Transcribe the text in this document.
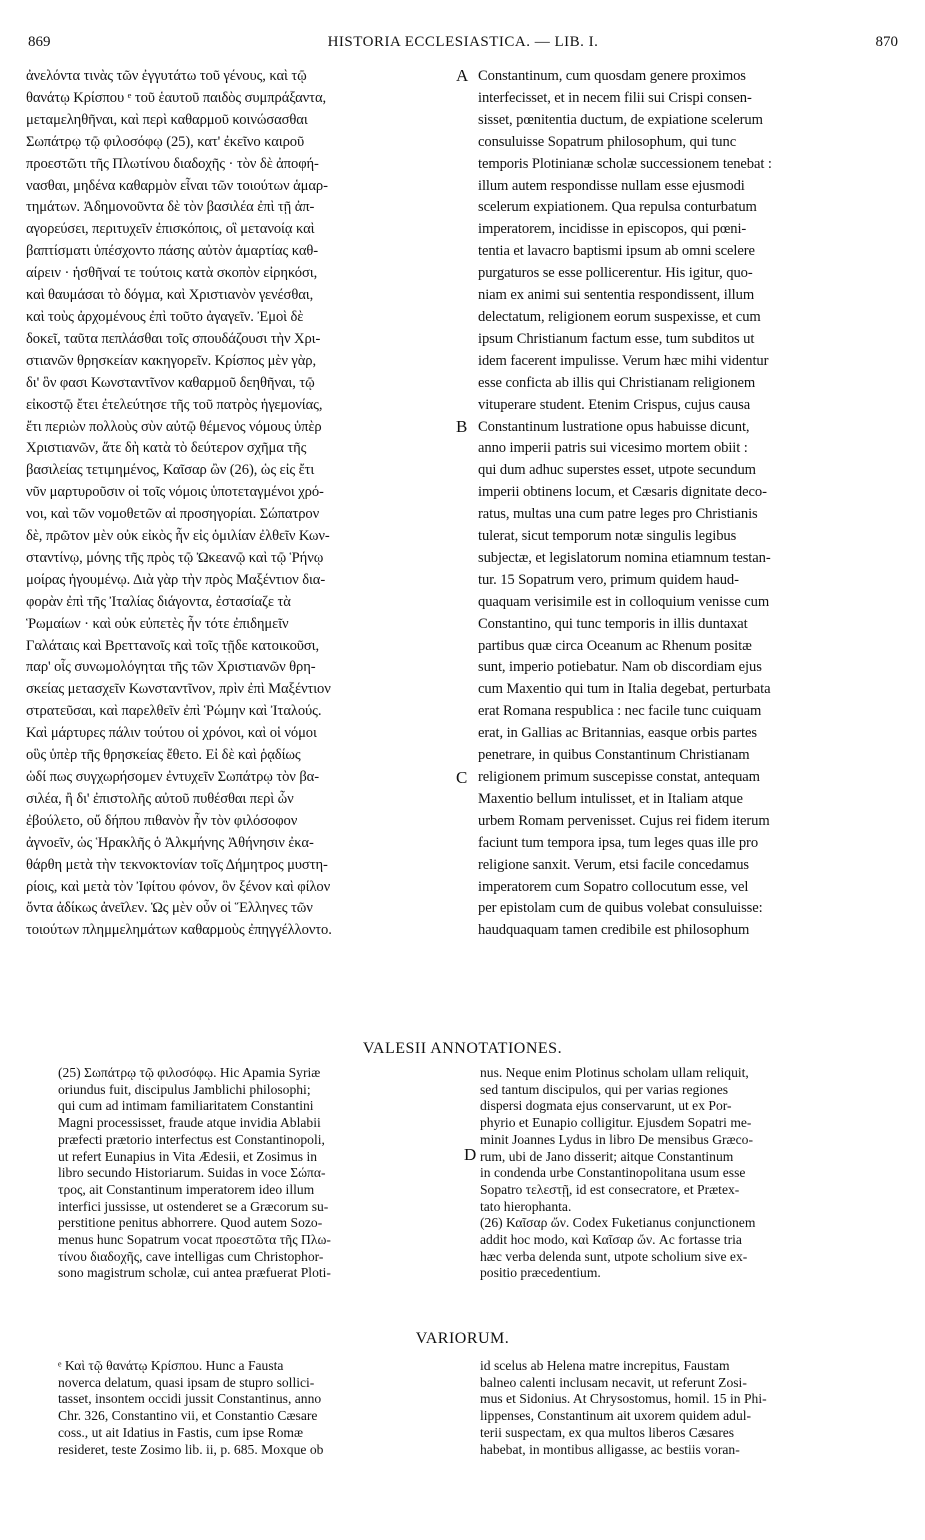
869	HISTORIA ECCLESIASTICA. — LIB. I.	870
ἀνελόντα τινὰς τῶν ἐγγυτάτω τοῦ γένους, καὶ τῷ
θανάτῳ Κρίσπου ᵉ τοῦ ἑαυτοῦ παιδὸς συμπράξαντα,
μεταμεληθῆναι, καὶ περὶ καθαρμοῦ κοινώσασθαι
Σωπάτρῳ τῷ φιλοσόφῳ (25), κατ' ἐκεῖνο καιροῦ
προεστῶτι τῆς Πλωτίνου διαδοχῆς · τὸν δὲ ἀποφή-
νασθαι, μηδένα καθαρμὸν εἶναι τῶν τοιούτων ἁμαρ-
τημάτων. Ἀδημονοῦντα δὲ τὸν βασιλέα ἐπὶ τῇ ἀπ-
αγορεύσει, περιτυχεῖν ἐπισκόποις, οἳ μετανοίᾳ καὶ
βαπτίσματι ὑπέσχοντο πάσης αὐτὸν ἁμαρτίας καθ-
αίρειν · ἡσθῆναί τε τούτοις κατὰ σκοπὸν εἰρηκόσι,
καὶ θαυμάσαι τὸ δόγμα, καὶ Χριστιανὸν γενέσθαι,
καὶ τοὺς ἀρχομένους ἐπὶ τοῦτο ἀγαγεῖν. Ἐμοὶ δὲ
δοκεῖ, ταῦτα πεπλάσθαι τοῖς σπουδάζουσι τὴν Χρι-
στιανῶν θρησκείαν κακηγορεῖν. Κρίσπος μὲν γὰρ,
δι' ὃν φασι Κωνσταντῖνον καθαρμοῦ δεηθῆναι, τῷ
εἰκοστῷ ἔτει ἐτελεύτησε τῆς τοῦ πατρὸς ἡγεμονίας,
ἔτι περιὼν πολλοὺς σὺν αὐτῷ θέμενος νόμους ὑπὲρ
Χριστιανῶν, ἅτε δὴ κατὰ τὸ δεύτερον σχῆμα τῆς
βασιλείας τετιμημένος, Καῖσαρ ὢν (26), ὡς εἰς ἔτι
νῦν μαρτυροῦσιν οἱ τοῖς νόμοις ὑποτεταγμένοι χρό-
νοι, καὶ τῶν νομοθετῶν αἱ προσηγορίαι. Σώπατρον
δὲ, πρῶτον μὲν οὐκ εἰκὸς ἦν εἰς ὁμιλίαν ἐλθεῖν Κων-
σταντίνῳ, μόνης τῆς πρὸς τῷ Ὠκεανῷ καὶ τῷ Ῥήνῳ
μοίρας ἡγουμένῳ. Διὰ γὰρ τὴν πρὸς Μαξέντιον δια-
φορὰν ἐπὶ τῆς Ἰταλίας διάγοντα, ἐστασίαζε τὰ
Ῥωμαίων · καὶ οὐκ εὐπετὲς ἦν τότε ἐπιδημεῖν
Γαλάταις καὶ Βρεττανοῖς καὶ τοῖς τῇδε κατοικοῦσι,
παρ' οἷς συνωμολόγηται τῆς τῶν Χριστιανῶν θρη-
σκείας μετασχεῖν Κωνσταντῖνον, πρὶν ἐπὶ Μαξέντιον
στρατεῦσαι, καὶ παρελθεῖν ἐπὶ Ῥώμην καὶ Ἰταλούς.
Καὶ μάρτυρες πάλιν τούτου οἱ χρόνοι, καὶ οἱ νόμοι
οὓς ὑπὲρ τῆς θρησκείας ἔθετο. Εἰ δὲ καὶ ῥᾳδίως
ὡδί πως συγχωρήσομεν ἐντυχεῖν Σωπάτρῳ τὸν βα-
σιλέα, ἢ δι' ἐπιστολῆς αὐτοῦ πυθέσθαι περὶ ὧν
ἐβούλετο, οὔ δήπου πιθανὸν ἦν τὸν φιλόσοφον
ἀγνοεῖν, ὡς Ἡρακλῆς ὁ Ἀλκμήνης Ἀθήνησιν ἐκα-
θάρθη μετὰ τὴν τεκνοκτονίαν τοῖς Δήμητρος μυστη-
ρίοις, καὶ μετὰ τὸν Ἰφίτου φόνον, ὃν ξένον καὶ φίλον
ὄντα ἀδίκως ἀνεῖλεν. Ὡς μὲν οὖν οἱ Ἕλληνες τῶν
τοιούτων πλημμελημάτων καθαρμοὺς ἐπηγγέλλοντο.
Constantinum, cum quosdam genere proximos
interfecisset, et in necem filii sui Crispi consen-
sisset, pœnitentia ductum, de expiatione scelerum
consuluisse Sopatrum philosophum, qui tunc
temporis Plotinianæ scholæ successionem tenebat :
illum autem respondisse nullam esse ejusmodi
scelerum expiationem. Qua repulsa conturbatum
imperatorem, incidisse in episcopos, qui pœni-
tentia et lavacro baptismi ipsum ab omni scelere
purgaturos se esse pollicerentur. His igitur, quo-
niam ex animi sui sententia respondissent, illum
delectatum, religionem eorum suspexisse, et cum
ipsum Christianum factum esse, tum subditos ut
idem facerent impulisse. Verum hæc mihi videntur
esse conficta ab illis qui Christianam religionem
vituperare student. Etenim Crispus, cujus causa
Constantinum lustratione opus habuisse dicunt,
anno imperii patris sui vicesimo mortem obiit :
qui dum adhuc superstes esset, utpote secundum
imperii obtinens locum, et Cæsaris dignitate deco-
ratus, multas una cum patre leges pro Christianis
tulerat, sicut temporum notæ singulis legibus
subjectæ, et legislatorum nomina etiamnum testan-
tur. 15 Sopatrum vero, primum quidem haud-
quaquam verisimile est in colloquium venisse cum
Constantino, qui tunc temporis in illis duntaxat
partibus quæ circa Oceanum ac Rhenum positæ
sunt, imperio potiebatur. Nam ob discordiam ejus
cum Maxentio qui tum in Italia degebat, perturbata
erat Romana respublica : nec facile tunc cuiquam
erat, in Gallias ac Britannias, easque orbis partes
penetrare, in quibus Constantinum Christianam
religionem primum suscepisse constat, antequam
Maxentio bellum intulisset, et in Italiam atque
urbem Romam pervenisset. Cujus rei fidem iterum
faciunt tum tempora ipsa, tum leges quas ille pro
religione sanxit. Verum, etsi facile concedamus
imperatorem cum Sopatro collocutum esse, vel
per epistolam cum de quibus volebat consuluisse:
haudquaquam tamen credibile est philosophum
A
B
C
D
VALESII ANNOTATIONES.
(25) Σωπάτρῳ τῷ φιλοσόφῳ. Hic Apamia Syriæ
oriundus fuit, discipulus Jamblichi philosophi;
qui cum ad intimam familiaritatem Constantini
Magni processisset, fraude atque invidia Ablabii
præfecti prætorio interfectus est Constantinopoli,
ut refert Eunapius in Vita Ædesii, et Zosimus in
libro secundo Historiarum. Suidas in voce Σώπα-
τρος, ait Constantinum imperatorem ideo illum
interfici jussisse, ut ostenderet se a Græcorum su-
perstitione penitus abhorrere. Quod autem Sozo-
menus hunc Sopatrum vocat προεστῶτα τῆς Πλω-
τίνου διαδοχῆς, cave intelligas cum Christophor-
sono magistrum scholæ, cui antea præfuerat Ploti-
nus. Neque enim Plotinus scholam ullam reliquit,
sed tantum discipulos, qui per varias regiones
dispersi dogmata ejus conservarunt, ut ex Por-
phyrio et Eunapio colligitur. Ejusdem Sopatri me-
minit Joannes Lydus in libro De mensibus Græco-
rum, ubi de Jano disserit; aitque Constantinum
in condenda urbe Constantinopolitana usum esse
Sopatro τελεστῇ, id est consecratore, et Prætex-
tato hierophanta.
(26) Καῖσαρ ὤν. Codex Fuketianus conjunctionem
addit hoc modo, καὶ Καῖσαρ ὤν. Ac fortasse tria
hæc verba delenda sunt, utpote scholium sive ex-
positio præcedentium.
VARIORUM.
ᵉ Καὶ τῷ θανάτῳ Κρίσπου. Hunc a Fausta
noverca delatum, quasi ipsam de stupro sollici-
tasset, insontem occidi jussit Constantinus, anno
Chr. 326, Constantino vii, et Constantio Cæsare
coss., ut ait Idatius in Fastis, cum ipse Romæ
resideret, teste Zosimo lib. ii, p. 685. Moxque ob
id scelus ab Helena matre increpitus, Faustam
balneo calenti inclusam necavit, ut referunt Zosi-
mus et Sidonius. At Chrysostomus, homil. 15 in Phi-
lippenses, Constantinum ait uxorem quidem adul-
terii suspectam, ex qua multos liberos Cæsares
habebat, in montibus alligasse, ac bestiis voran-
